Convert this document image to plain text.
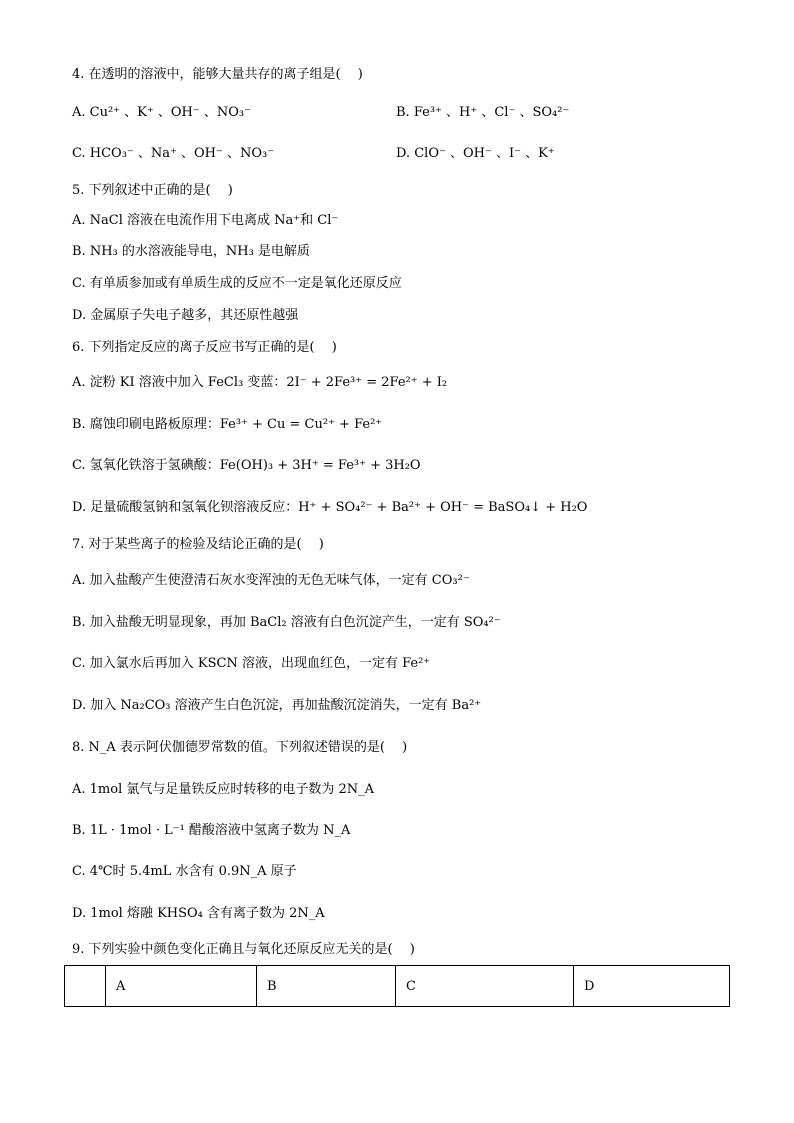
4. 在透明的溶液中，能够大量共存的离子组是(　 )
A. Cu²⁺ 、K⁺ 、OH⁻ 、NO₃⁻	B. Fe³⁺ 、H⁺ 、Cl⁻ 、SO₄²⁻
C. HCO₃⁻ 、Na⁺ 、OH⁻ 、NO₃⁻	D. ClO⁻ 、OH⁻ 、I⁻ 、K⁺
5. 下列叙述中正确的是(　 )
A. NaCl 溶液在电流作用下电离成 Na⁺和 Cl⁻
B. NH₃ 的水溶液能导电，NH₃ 是电解质
C. 有单质参加或有单质生成的反应不一定是氧化还原反应
D. 金属原子失电子越多，其还原性越强
6. 下列指定反应的离子反应书写正确的是(　 )
A. 淀粉 KI 溶液中加入 FeCl₃ 变蓝：2I⁻ + 2Fe³⁺ = 2Fe²⁺ + I₂
B. 腐蚀印刷电路板原理：Fe³⁺ + Cu = Cu²⁺ + Fe²⁺
C. 氢氧化铁溶于氢碘酸：Fe(OH)₃ + 3H⁺ = Fe³⁺ + 3H₂O
D. 足量硫酸氢钠和氢氧化钡溶液反应：H⁺ + SO₄²⁻ + Ba²⁺ + OH⁻ = BaSO₄↓ + H₂O
7. 对于某些离子的检验及结论正确的是(　 )
A. 加入盐酸产生使澄清石灰水变浑浊的无色无味气体，一定有 CO₃²⁻
B. 加入盐酸无明显现象，再加 BaCl₂ 溶液有白色沉淀产生，一定有 SO₄²⁻
C. 加入氯水后再加入 KSCN 溶液，出现血红色，一定有 Fe²⁺
D. 加入 Na₂CO₃ 溶液产生白色沉淀，再加盐酸沉淀消失，一定有 Ba²⁺
8. N_A 表示阿伏伽德罗常数的值。下列叙述错误的是(　 )
A. 1mol 氯气与足量铁反应时转移的电子数为 2N_A
B. 1L · 1mol · L⁻¹ 醋酸溶液中氢离子数为 N_A
C. 4℃时 5.4mL 水含有 0.9N_A 原子
D. 1mol 熔融 KHSO₄ 含有离子数为 2N_A
9. 下列实验中颜色变化正确且与氧化还原反应无关的是(　 )
	A	B	C	D
